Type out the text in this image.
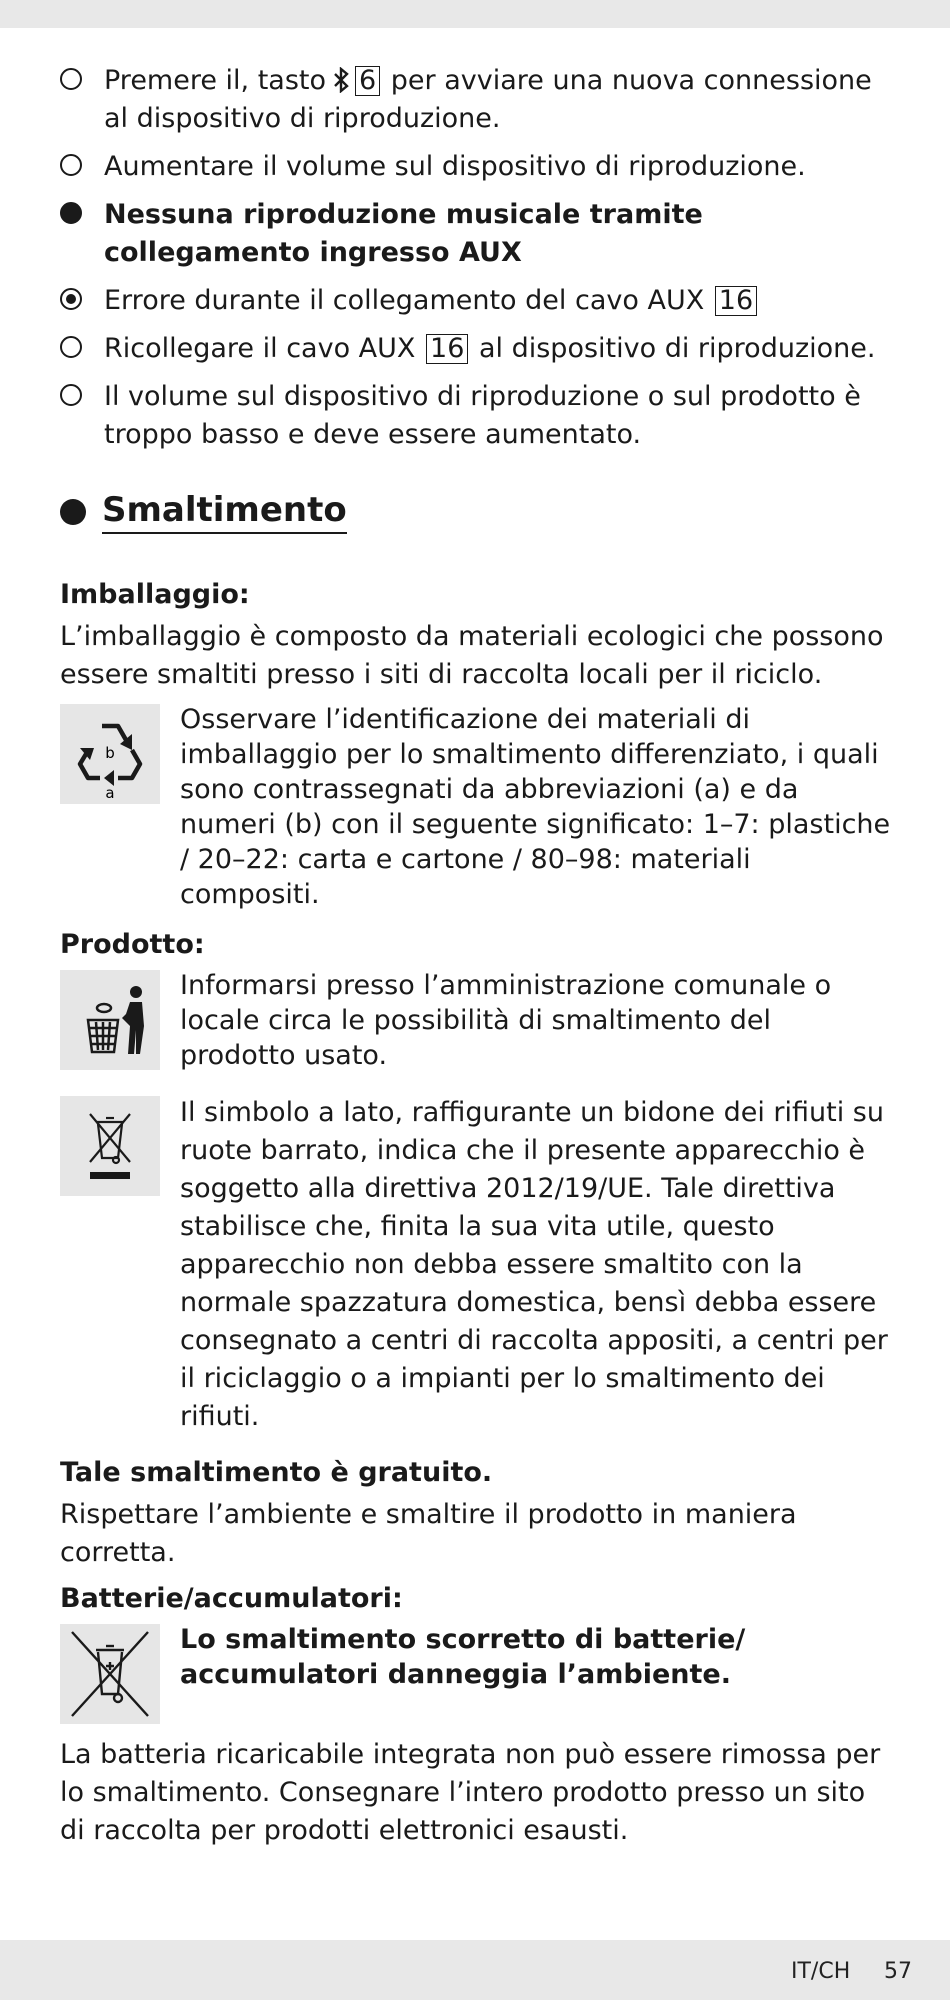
Premere il, tasto 6 per avviare una nuova connessione al dispositivo di riproduzione.
Aumentare il volume sul dispositivo di riproduzione.
Nessuna riproduzione musicale tramite collegamento ingresso AUX
Errore durante il collegamento del cavo AUX 16
Ricollegare il cavo AUX 16 al dispositivo di riproduzione.
Il volume sul dispositivo di riproduzione o sul prodotto è troppo basso e deve essere aumentato.
Smaltimento
Imballaggio:
L’imballaggio è composto da materiali ecologici che possono essere smaltiti presso i siti di raccolta locali per il riciclo.
b
a
Osservare l’identificazione dei materiali di imballaggio per lo smaltimento differenziato, i quali sono contrassegnati da abbreviazioni (a) e da numeri (b) con il seguente significato: 1–7: plastiche / 20–22: carta e cartone / 80–98: materiali compositi.
Prodotto:
Informarsi presso l’amministrazione comunale o locale circa le possibilità di smaltimento del prodotto usato.
Il simbolo a lato, raffigurante un bidone dei rifiuti su ruote barrato, indica che il presente apparecchio è soggetto alla direttiva 2012/19/UE. Tale direttiva stabilisce che, finita la sua vita utile, questo apparecchio non debba essere smaltito con la normale spazzatura domestica, bensì debba essere consegnato a centri di raccolta appositi, a centri per il riciclaggio o a impianti per lo smaltimento dei rifiuti.
Tale smaltimento è gratuito.
Rispettare l’ambiente e smaltire il prodotto in maniera corretta.
Batterie/accumulatori:
Lo smaltimento scorretto di batterie/ accumulatori danneggia l’ambiente.
La batteria ricaricabile integrata non può essere rimossa per lo smaltimento. Consegnare l’intero prodotto presso un sito di raccolta per prodotti elettronici esausti.
IT/CH 57
